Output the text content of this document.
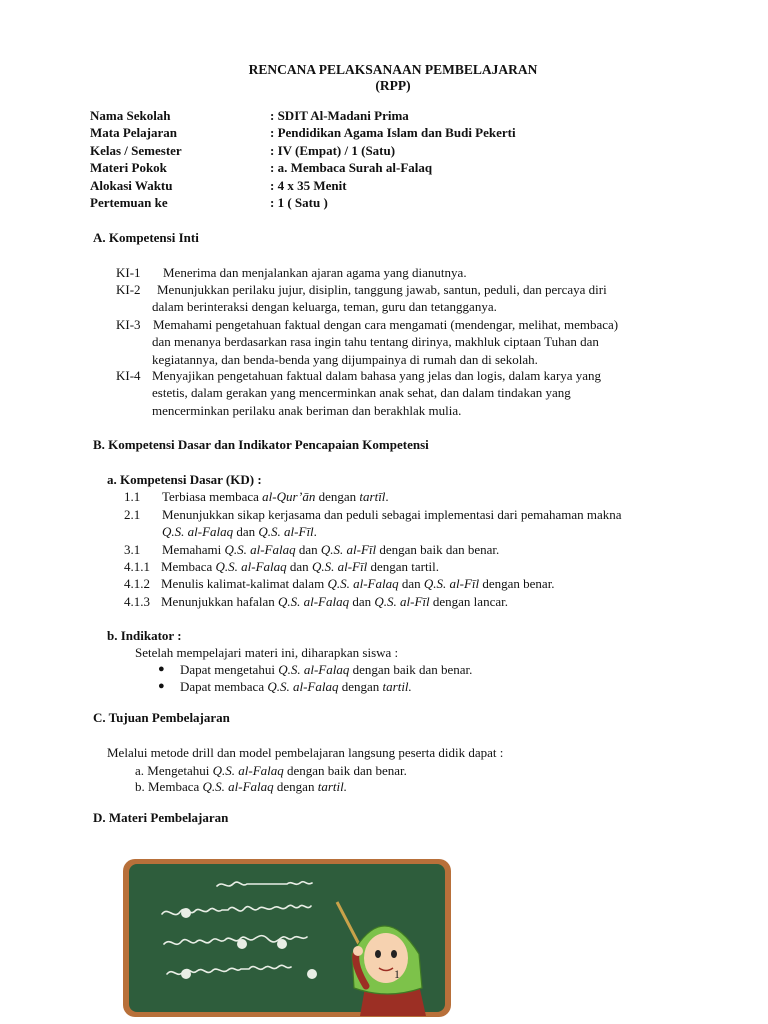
RENCANA PELAKSANAAN PEMBELAJARAN
(RPP)
Nama Sekolah	: SDIT Al-Madani Prima
Mata Pelajaran	: Pendidikan Agama Islam dan Budi Pekerti
Kelas / Semester	: IV (Empat) / 1 (Satu)
Materi Pokok	: a. Membaca Surah al-Falaq
Alokasi Waktu	: 4 x 35 Menit
Pertemuan ke	: 1 ( Satu )
A. Kompetensi Inti
KI-1 Menerima dan menjalankan ajaran agama yang dianutnya.
KI-2 Menunjukkan perilaku jujur, disiplin, tanggung jawab, santun, peduli, dan percaya diri
dalam berinteraksi dengan keluarga, teman, guru dan tetangganya.
KI-3 Memahami pengetahuan faktual dengan cara mengamati (mendengar, melihat, membaca)
dan menanya berdasarkan rasa ingin tahu tentang dirinya, makhluk ciptaan Tuhan dan
kegiatannya, dan benda-benda yang dijumpainya di rumah dan di sekolah.
KI-4 Menyajikan pengetahuan faktual dalam bahasa yang jelas dan logis, dalam karya yang
estetis, dalam gerakan yang mencerminkan anak sehat, dan dalam tindakan yang
mencerminkan perilaku anak beriman dan berakhlak mulia.
B. Kompetensi Dasar dan Indikator Pencapaian Kompetensi
a. Kompetensi Dasar (KD) :
1.1 Terbiasa membaca al-Qur’ān dengan tartīl.
2.1 Menunjukkan sikap kerjasama dan peduli sebagai implementasi dari pemahaman makna
Q.S. al-Falaq dan Q.S. al-Fīl.
3.1 Memahami Q.S. al-Falaq dan Q.S. al-Fīl dengan baik dan benar.
4.1.1 Membaca Q.S. al-Falaq dan Q.S. al-Fīl dengan tartil.
4.1.2 Menulis kalimat-kalimat dalam Q.S. al-Falaq dan Q.S. al-Fīl dengan benar.
4.1.3 Menunjukkan hafalan Q.S. al-Falaq dan Q.S. al-Fīl dengan lancar.
b. Indikator :
Setelah mempelajari materi ini, diharapkan siswa :
● Dapat mengetahui Q.S. al-Falaq dengan baik dan benar.
● Dapat membaca Q.S. al-Falaq dengan tartil.
C. Tujuan Pembelajaran
Melalui metode drill dan model pembelajaran langsung peserta didik dapat :
a. Mengetahui Q.S. al-Falaq dengan baik dan benar.
b. Membaca Q.S. al-Falaq dengan tartil.
D. Materi Pembelajaran
1
